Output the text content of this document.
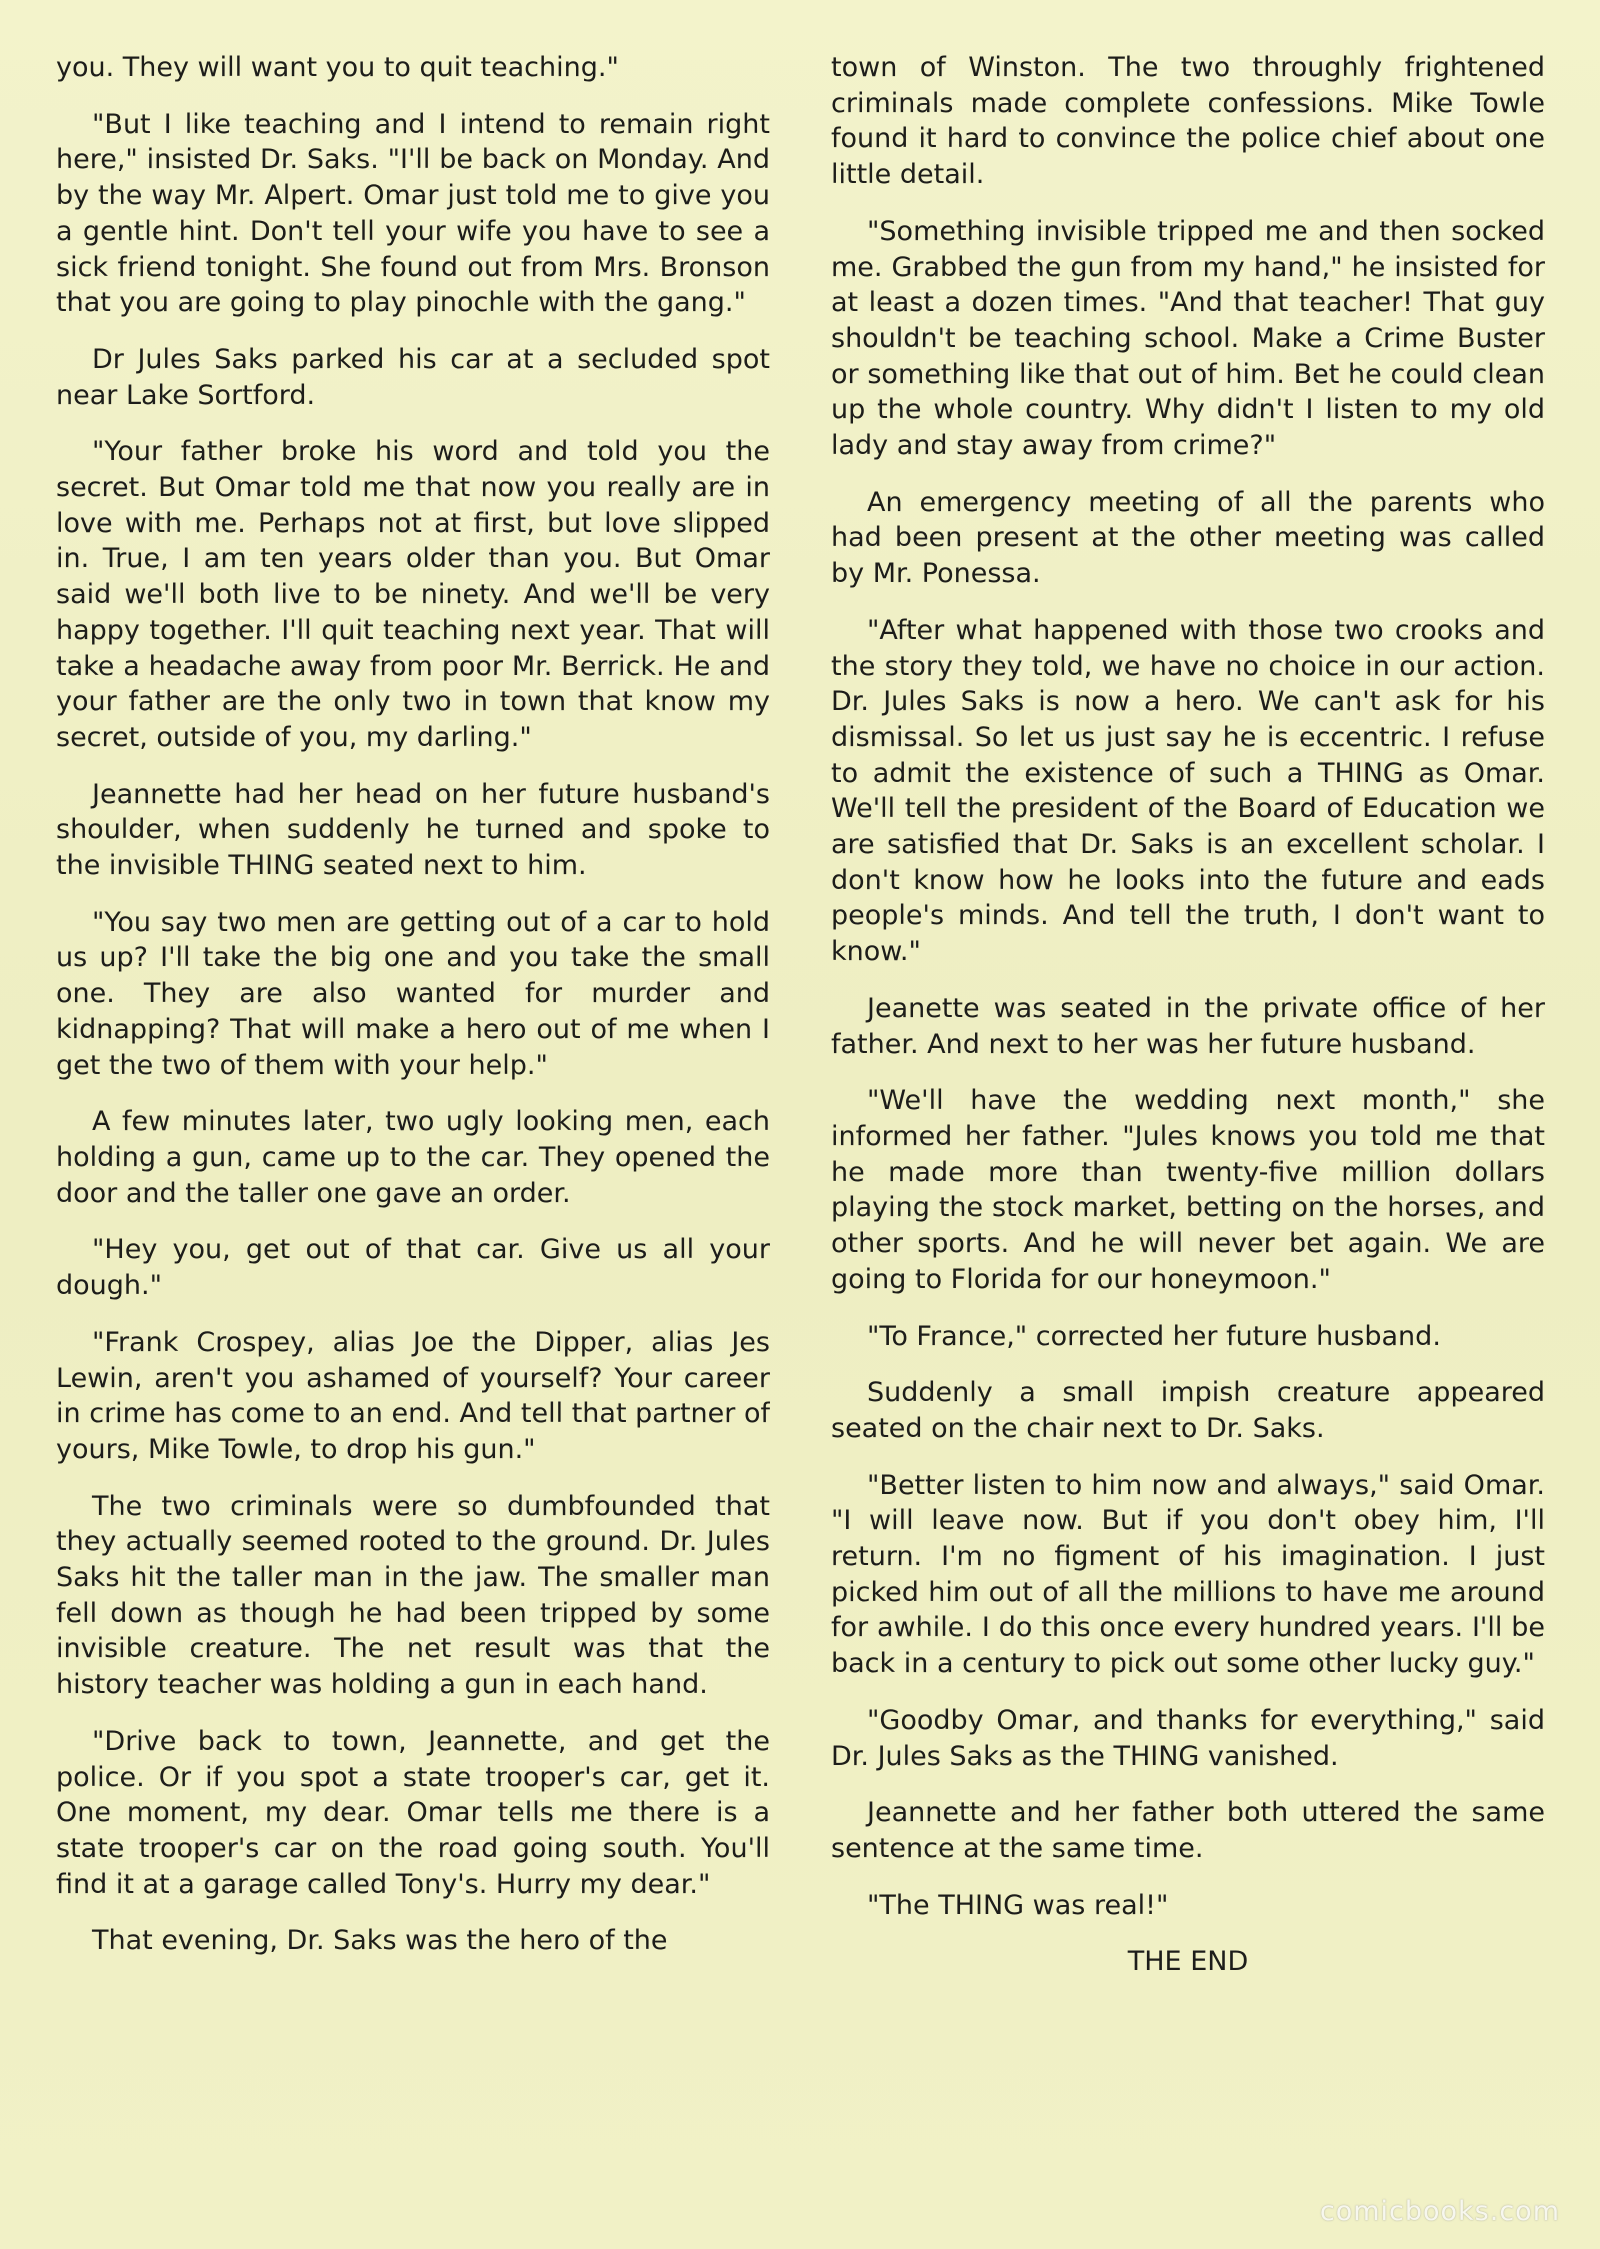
you. They will want you to quit teaching."

"But I like teaching and I intend to remain right here," insisted Dr. Saks. "I'll be back on Monday. And by the way Mr. Alpert. Omar just told me to give you a gentle hint. Don't tell your wife you have to see a sick friend tonight. She found out from Mrs. Bronson that you are going to play pinochle with the gang."

Dr Jules Saks parked his car at a secluded spot near Lake Sortford.

"Your father broke his word and told you the secret. But Omar told me that now you really are in love with me. Perhaps not at first, but love slipped in. True, I am ten years older than you. But Omar said we'll both live to be ninety. And we'll be very happy together. I'll quit teaching next year. That will take a headache away from poor Mr. Berrick. He and your father are the only two in town that know my secret, outside of you, my darling."

Jeannette had her head on her future husband's shoulder, when suddenly he turned and spoke to the invisible THING seated next to him.

"You say two men are getting out of a car to hold us up? I'll take the big one and you take the small one. They are also wanted for murder and kidnapping? That will make a hero out of me when I get the two of them with your help."

A few minutes later, two ugly looking men, each holding a gun, came up to the car. They opened the door and the taller one gave an order.

"Hey you, get out of that car. Give us all your dough."

"Frank Crospey, alias Joe the Dipper, alias Jes Lewin, aren't you ashamed of yourself? Your career in crime has come to an end. And tell that partner of yours, Mike Towle, to drop his gun."

The two criminals were so dumbfounded that they actually seemed rooted to the ground. Dr. Jules Saks hit the taller man in the jaw. The smaller man fell down as though he had been tripped by some invisible creature. The net result was that the history teacher was holding a gun in each hand.

"Drive back to town, Jeannette, and get the police. Or if you spot a state trooper's car, get it. One moment, my dear. Omar tells me there is a state trooper's car on the road going south. You'll find it at a garage called Tony's. Hurry my dear."

That evening, Dr. Saks was the hero of the

town of Winston. The two throughly frightened criminals made complete confessions. Mike Towle found it hard to convince the police chief about one little detail.

"Something invisible tripped me and then socked me. Grabbed the gun from my hand," he insisted for at least a dozen times. "And that teacher! That guy shouldn't be teaching school. Make a Crime Buster or something like that out of him. Bet he could clean up the whole country. Why didn't I listen to my old lady and stay away from crime?"

An emergency meeting of all the parents who had been present at the other meeting was called by Mr. Ponessa.

"After what happened with those two crooks and the story they told, we have no choice in our action. Dr. Jules Saks is now a hero. We can't ask for his dismissal. So let us just say he is eccentric. I refuse to admit the existence of such a THING as Omar. We'll tell the president of the Board of Education we are satisfied that Dr. Saks is an excellent scholar. I don't know how he looks into the future and eads people's minds. And tell the truth, I don't want to know."

Jeanette was seated in the private office of her father. And next to her was her future husband.

"We'll have the wedding next month," she informed her father. "Jules knows you told me that he made more than twenty-five million dollars playing the stock market, betting on the horses, and other sports. And he will never bet again. We are going to Florida for our honeymoon."

"To France," corrected her future husband.

Suddenly a small impish creature appeared seated on the chair next to Dr. Saks.

"Better listen to him now and always," said Omar. "I will leave now. But if you don't obey him, I'll return. I'm no figment of his imagination. I just picked him out of all the millions to have me around for awhile. I do this once every hundred years. I'll be back in a century to pick out some other lucky guy."

"Goodby Omar, and thanks for everything," said Dr. Jules Saks as the THING vanished.

Jeannette and her father both uttered the same sentence at the same time.

"The THING was real!"

THE END

comicbooks.com
